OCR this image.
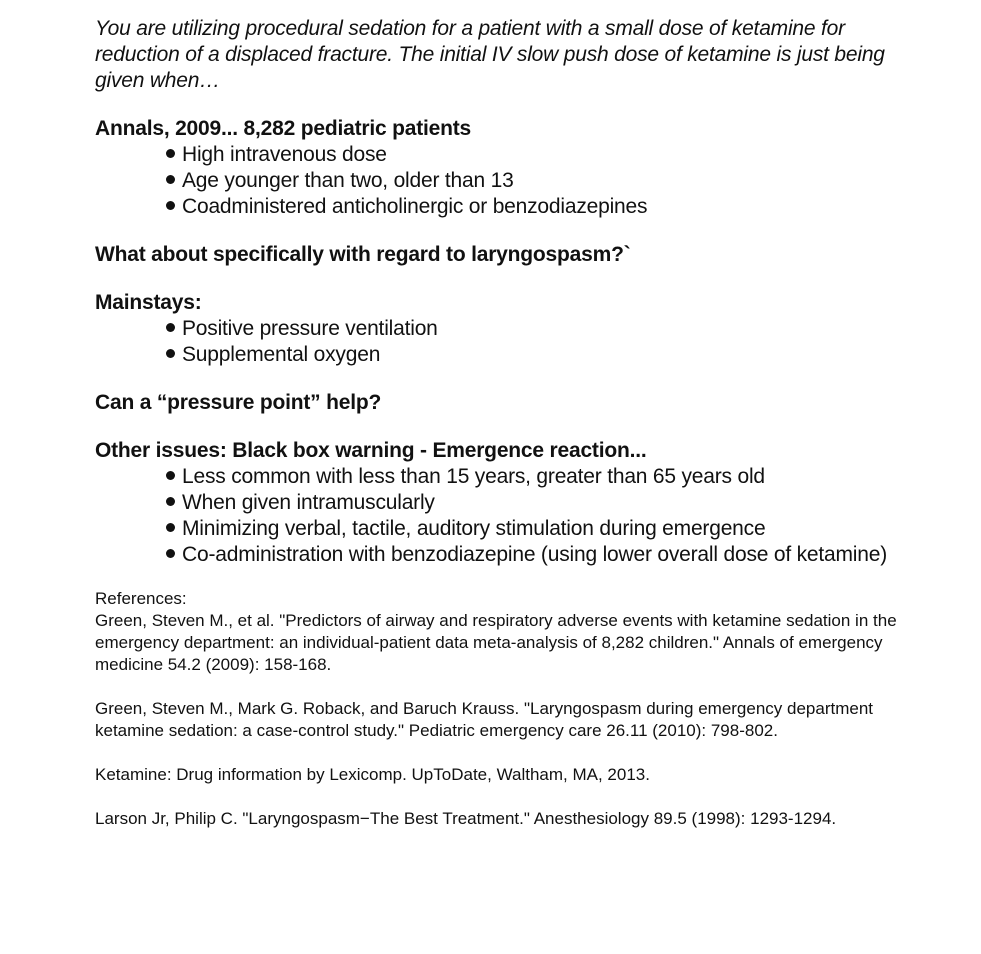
You are utilizing procedural sedation for a patient with a small dose of ketamine for reduction of a displaced fracture. The initial IV slow push dose of ketamine is just being given when…

Annals, 2009... 8,282 pediatric patients

High intravenous dose
Age younger than two, older than 13
Coadministered anticholinergic or benzodiazepines

What about specifically with regard to laryngospasm?`

Mainstays:

Positive pressure ventilation
Supplemental oxygen

Can a “pressure point” help?

Other issues: Black box warning - Emergence reaction...

Less common with less than 15 years, greater than 65 years old
When given intramuscularly
Minimizing verbal, tactile, auditory stimulation during emergence
Co-administration with benzodiazepine (using lower overall dose of ketamine)

References:

Green, Steven M., et al. "Predictors of airway and respiratory adverse events with ketamine sedation in the emergency department: an individual-patient data meta-analysis of 8,282 children." Annals of emergency medicine 54.2 (2009): 158-168.

Green, Steven M., Mark G. Roback, and Baruch Krauss. "Laryngospasm during emergency department ketamine sedation: a case-control study." Pediatric emergency care 26.11 (2010): 798-802.

Ketamine: Drug information by Lexicomp. UpToDate, Waltham, MA, 2013.

Larson Jr, Philip C. "Laryngospasm−The Best Treatment." Anesthesiology 89.5 (1998): 1293-1294.
